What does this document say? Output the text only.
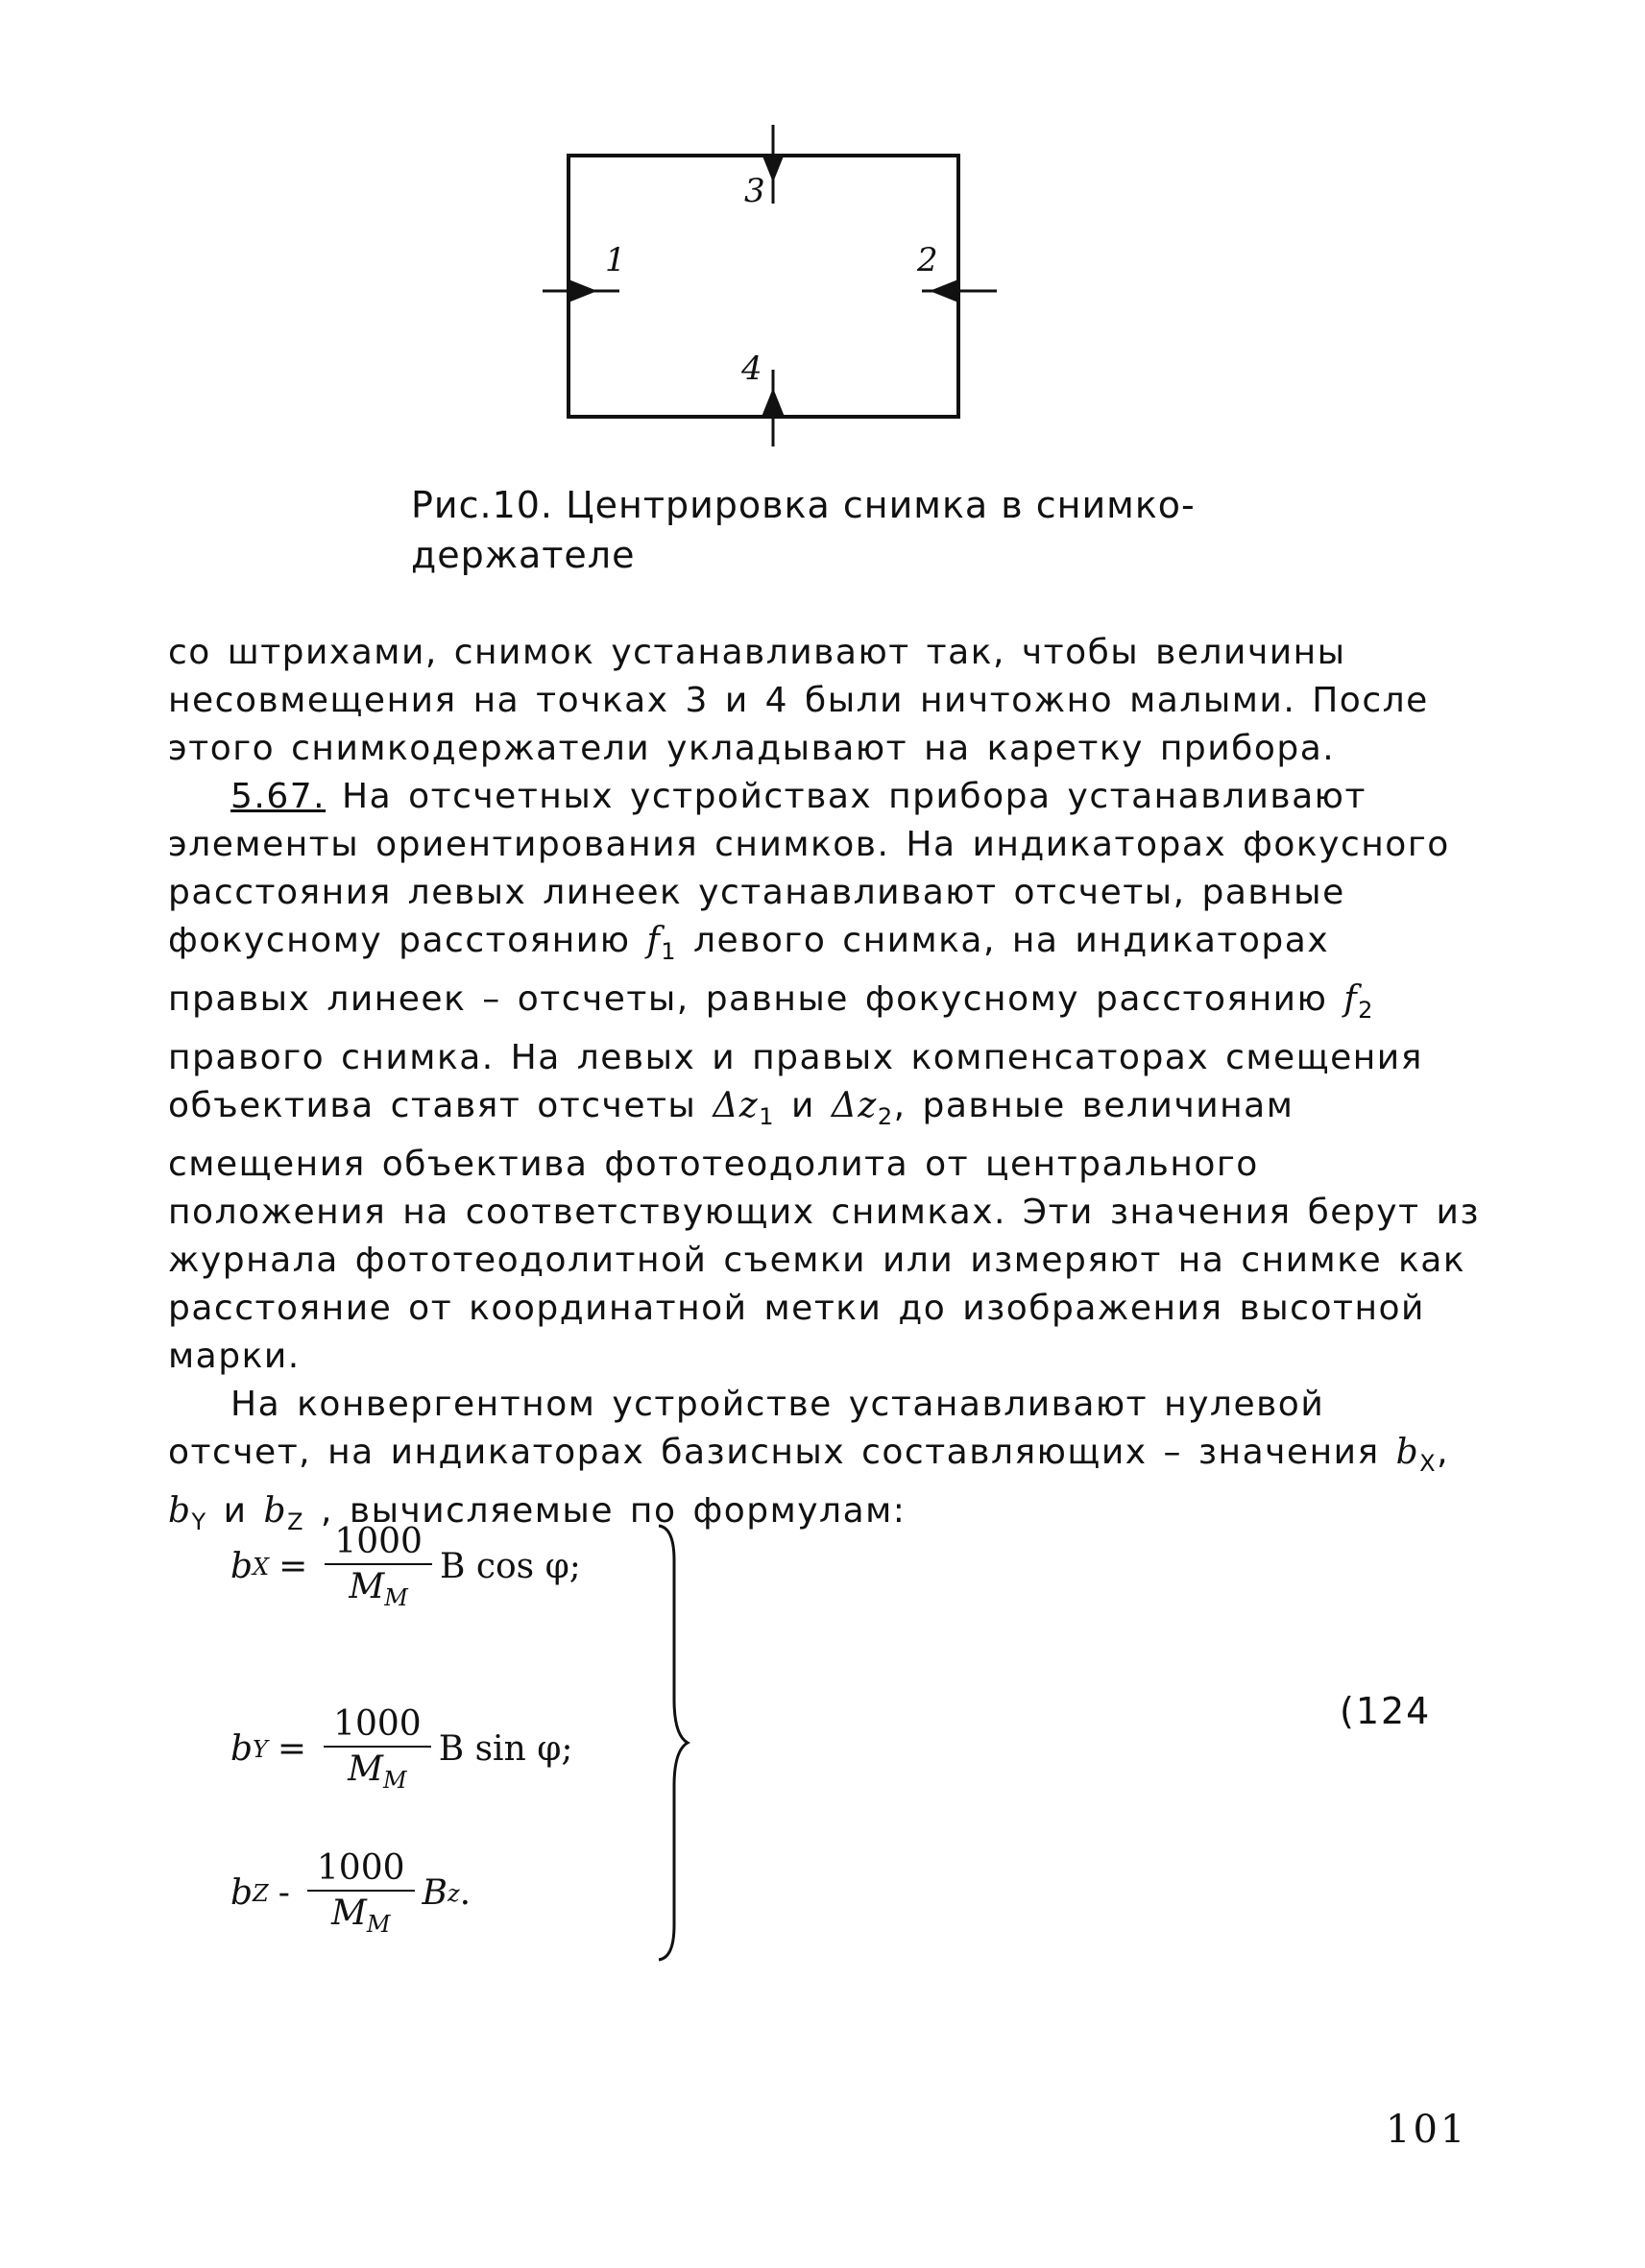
3
1	2
4
Рис.10. Центрировка снимка в снимко-
держателе

со штрихами, снимок устанавливают так, чтобы величины несовмещения на точках 3 и 4 были ничтожно малыми. После этого снимкодержатели укладывают на каретку прибора.

5.67. На отсчетных устройствах прибора устанавливают элементы ориентирования снимков. На индикаторах фокусного расстояния левых линеек устанавливают отсчеты, равные фокусному расстоянию $f_1$ левого снимка, на индикаторах правых линеек – отсчеты, равные фокусному расстоянию $f_2$ правого снимка. На левых и правых компенсаторах смещения объектива ставят отсчеты $\Delta z_1$ и $\Delta z_2$, равные величинам смещения объектива фототеодолита от центрального положения на соответствующих снимках. Эти значения берут из журнала фототеодолитной съемки или измеряют на снимке как расстояние от координатной метки до изображения высотной марки.

На конвергентном устройстве устанавливают нулевой отсчет, на индикаторах базисных составляющих – значения $b_X$, $b_Y$ и $b_Z$ , вычисляемые по формулам:

b $X = \frac{1000}{M_M}$ B cos φ;
b $Y = \frac{1000}{M_M}$ B sin φ;
b Z - $\frac{1000}{M_M}$ B z .
(124
101
